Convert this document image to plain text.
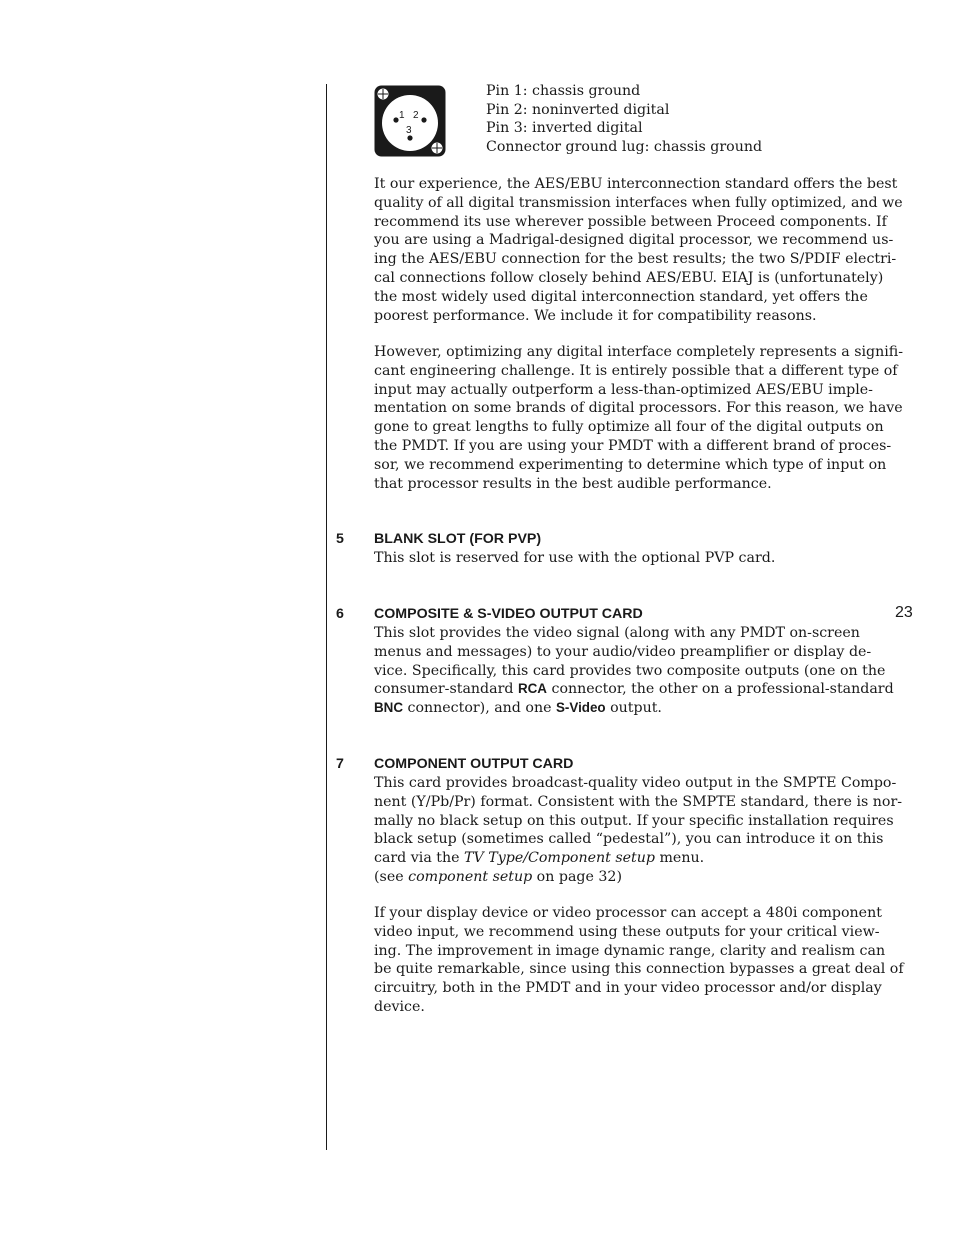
23
1 2
3
Pin 1: chassis ground
Pin 2: noninverted digital
Pin 3: inverted digital
Connector ground lug: chassis ground
It our experience, the AES/EBU interconnection standard offers the best
quality of all digital transmission interfaces when fully optimized, and we
recommend its use wherever possible between Proceed components. If
you are using a Madrigal-designed digital processor, we recommend us-
ing the AES/EBU connection for the best results; the two S/PDIF electri-
cal connections follow closely behind AES/EBU. EIAJ is (unfortunately)
the most widely used digital interconnection standard, yet offers the
poorest performance. We include it for compatibility reasons.
However, optimizing any digital interface completely represents a signifi-
cant engineering challenge. It is entirely possible that a different type of
input may actually outperform a less-than-optimized AES/EBU imple-
mentation on some brands of digital processors. For this reason, we have
gone to great lengths to fully optimize all four of the digital outputs on
the PMDT. If you are using your PMDT with a different brand of proces-
sor, we recommend experimenting to determine which type of input on
that processor results in the best audible performance.
5 BLANK SLOT (FOR PVP)
This slot is reserved for use with the optional PVP card.
6 COMPOSITE & S-VIDEO OUTPUT CARD
This slot provides the video signal (along with any PMDT on-screen
menus and messages) to your audio/video preamplifier or display de-
vice. Specifically, this card provides two composite outputs (one on the
consumer-standard RCA connector, the other on a professional-standard
BNC connector), and one S-Video output.
7 COMPONENT OUTPUT CARD
This card provides broadcast-quality video output in the SMPTE Compo-
nent (Y/Pb/Pr) format. Consistent with the SMPTE standard, there is nor-
mally no black setup on this output. If your specific installation requires
black setup (sometimes called “pedestal”), you can introduce it on this
card via the TV Type/Component setup menu.
(see component setup on page 32)
If your display device or video processor can accept a 480i component
video input, we recommend using these outputs for your critical view-
ing. The improvement in image dynamic range, clarity and realism can
be quite remarkable, since using this connection bypasses a great deal of
circuitry, both in the PMDT and in your video processor and/or display
device.
